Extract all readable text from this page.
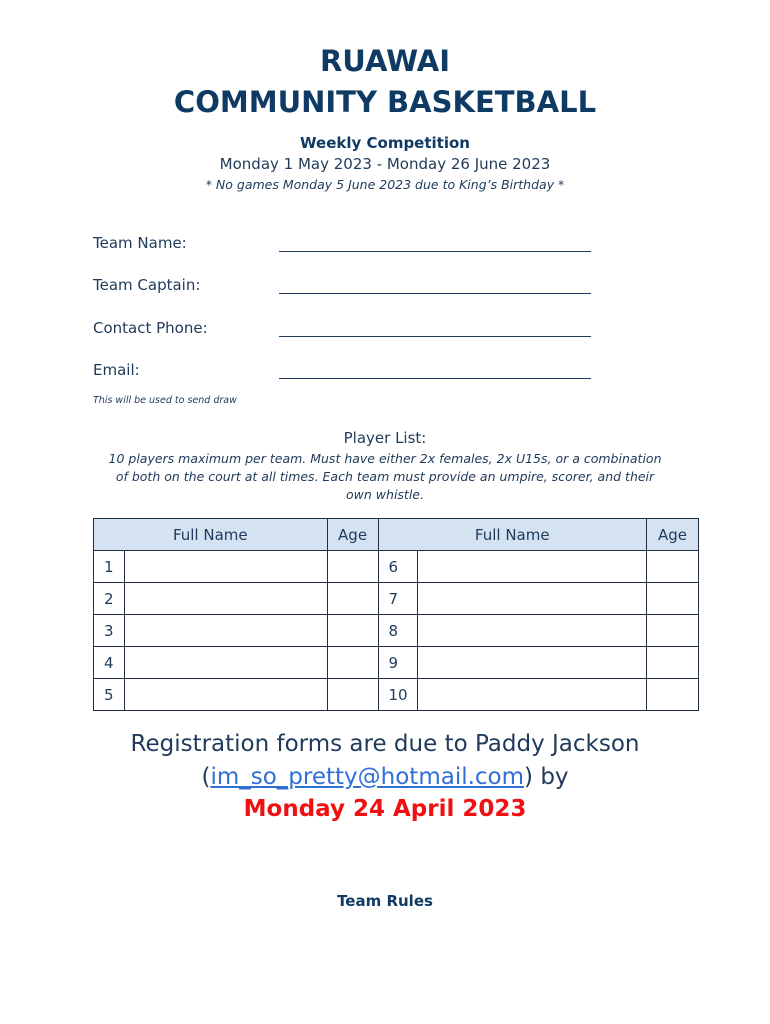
RUAWAI
COMMUNITY BASKETBALL
Weekly Competition
Monday 1 May 2023 - Monday 26 June 2023
* No games Monday 5 June 2023 due to King’s Birthday *
Team Name:
Team Captain:
Contact Phone:
Email:
This will be used to send draw
Player List:
10 players maximum per team. Must have either 2x females, 2x U15s, or a combination of both on the court at all times. Each team must provide an umpire, scorer, and their own whistle.
Full Name		Age	Full Name		Age
1			6		
2			7		
3			8		
4			9		
5			10		
Registration forms are due to Paddy Jackson
(im_so_pretty@hotmail.com) by
Monday 24 April 2023
Team Rules
